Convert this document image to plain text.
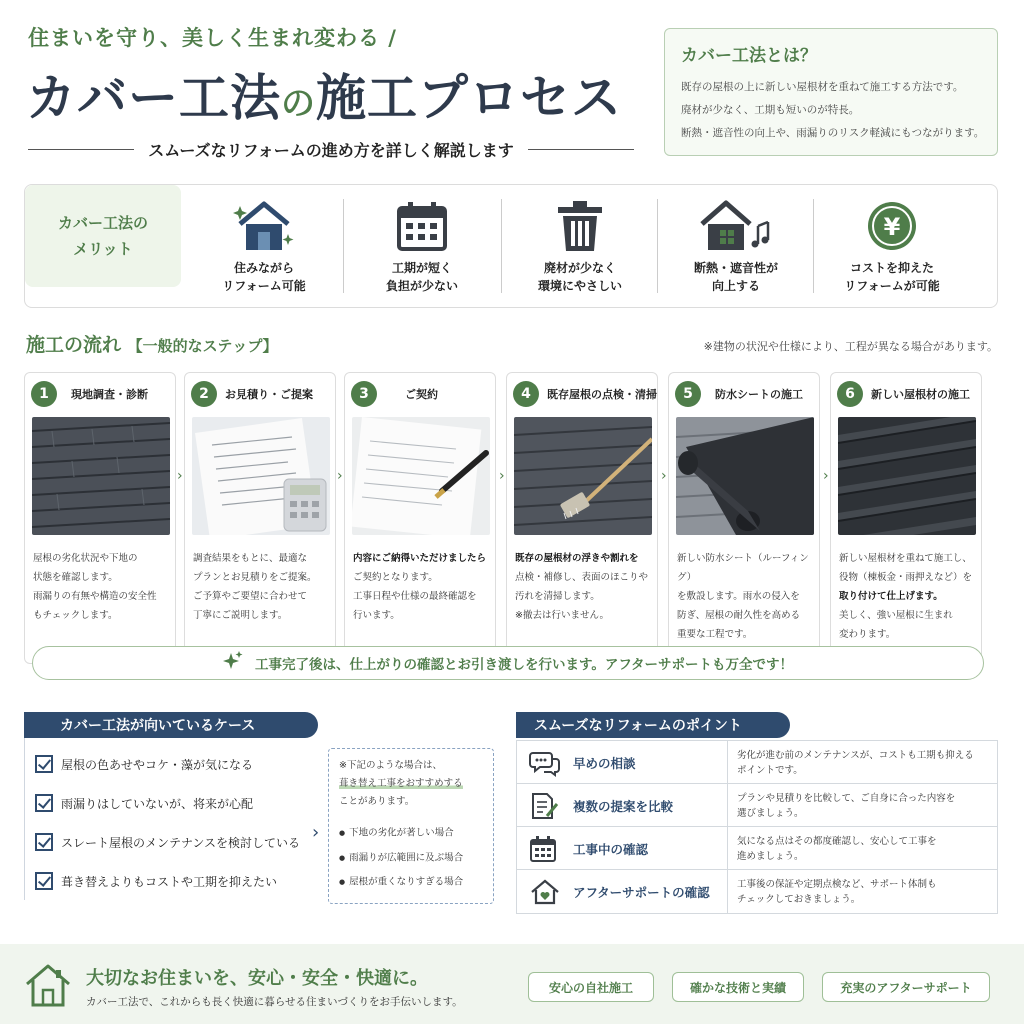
住まいを守り、美しく生まれ変わる /
カバー工法の施工プロセス
スムーズなリフォームの進め方を詳しく解説します
カバー工法とは？

既存の屋根の上に新しい屋根材を重ねて施工する方法です。

廃材が少なく、工期も短いのが特長。

断熱・遮音性の向上や、雨漏りのリスク軽減にもつながります。

カバー工法の
メリット
住みながら
リフォーム可能
工期が短く
負担が少ない
廃材が少なく
環境にやさしい
断熱・遮音性が
向上する
¥
コストを抑えた
リフォームが可能
施工の流れ 【一般的なステップ】	※建物の状況や仕様により、工程が異なる場合があります。
1	現地調査・診断
屋根の劣化状況や下地の
状態を確認します。
雨漏りの有無や構造の安全性
もチェックします。
›
2	お見積り・ご提案
調査結果をもとに、最適な
プランとお見積りをご提案。
ご予算やご要望に合わせて
丁寧にご説明します。
›
3	ご契約
内容にご納得いただけましたら
ご契約となります。
工事日程や仕様の最終確認を
行います。
›
4	既存屋根の点検・清掃
既存の屋根材の浮きや割れを
点検・補修し、表面のほこりや
汚れを清掃します。
※撤去は行いません。
›
5	防水シートの施工
新しい防水シート（ルーフィング）
を敷設します。雨水の侵入を
防ぎ、屋根の耐久性を高める
重要な工程です。
›
6	新しい屋根材の施工
新しい屋根材を重ねて施工し、
役物（棟板金・雨押えなど）を
取り付けて仕上げます。
美しく、強い屋根に生まれ
変わります。
工事完了後は、仕上がりの確認とお引き渡しを行います。アフターサポートも万全です！
カバー工法が向いているケース
屋根の色あせやコケ・藻が気になる
雨漏りはしていないが、将来が心配
スレート屋根のメンテナンスを検討している
葺き替えよりもコストや工期を抑えたい
›
※下記のような場合は、
葺き替え工事をおすすめする
ことがあります。
● 下地の劣化が著しい場合
● 雨漏りが広範囲に及ぶ場合
● 屋根が重くなりすぎる場合
スムーズなリフォームのポイント
早めの相談
劣化が進む前のメンテナンスが、コストも工期も抑える
ポイントです。
複数の提案を比較
プランや見積りを比較して、ご自身に合った内容を
選びましょう。
工事中の確認
気になる点はその都度確認し、安心して工事を
進めましょう。
アフターサポートの確認
工事後の保証や定期点検など、サポート体制も
チェックしておきましょう。
大切なお住まいを、安心・安全・快適に。
カバー工法で、これからも長く快適に暮らせる住まいづくりをお手伝いします。
安心の自社施工	確かな技術と実績	充実のアフターサポート
